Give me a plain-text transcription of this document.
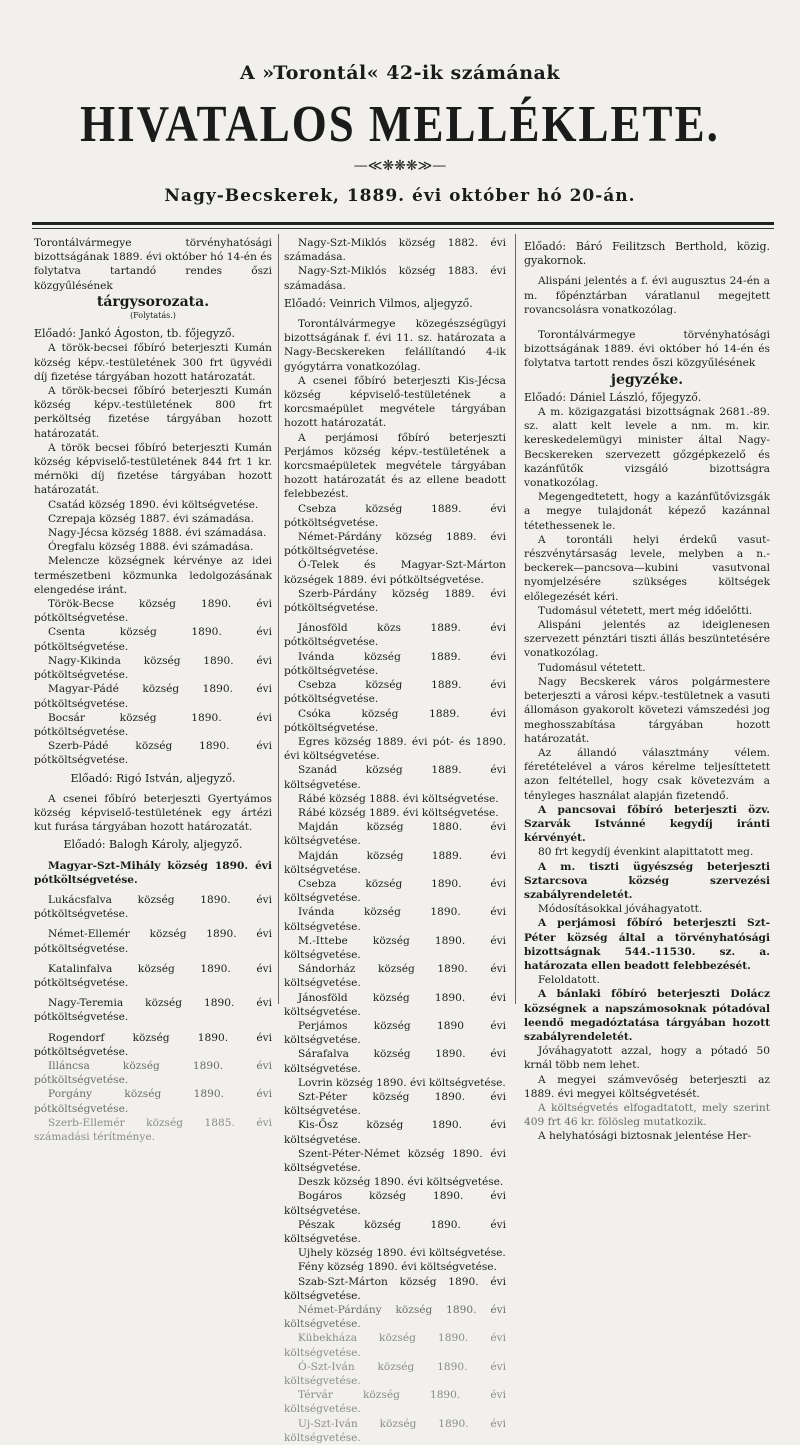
A »Torontál« 42-ik számának
HIVATALOS MELLÉKLETE.
—≪❋❋❋≫—
Nagy-Becskerek, 1889. évi október hó 20-án.

Torontálvármegye törvényhatósági bizottságának 1889. évi október hó 14-én és folytatva tartandó rendes őszi közgyűlésének

tárgysorozata.

(Folytatás.)

Előadó: Jankó Ágoston, tb. főjegyző.

A török-becsei főbíró beterjeszti Kumán község képv.-testületének 300 frt ügyvédi díj fizetése tárgyában hozott határozatát.

A török-becsei főbíró beterjeszti Kumán község képv.-testületének 800 frt perköltség fizetése tárgyában hozott határozatát.

A török becsei főbíró beterjeszti Kumán község képviselő-testületének 844 frt 1 kr. mérnöki díj fizetése tárgyában hozott határozatát.

Csatád község 1890. évi költségvetése.

Czrepaja község 1887. évi számadása.

Nagy-Jécsa község 1888. évi számadása.

Óregfalu község 1888. évi számadása.

Melencze községnek kérvénye az idei természetbeni közmunka ledolgozásának elengedése iránt.

Török-Becse község 1890. évi pótköltségvetése.

Csenta község 1890. évi pótköltségvetése.

Nagy-Kikinda község 1890. évi pótköltségvetése.

Magyar-Pádé község 1890. évi pótköltségvetése.

Bocsár község 1890. évi pótköltségvetése.

Szerb-Pádé község 1890. évi pótköltségvetése.

Előadó: Rigó István, aljegyző.

A csenei főbíró beterjeszti Gyertyámos község képviselő-testületének egy ártézi kut furása tárgyában hozott határozatát.

Előadó: Balogh Károly, aljegyző.

Magyar-Szt-Mihály község 1890. évi pótköltségvetése.

Lukácsfalva község 1890. évi pótköltségvetése.

Német-Ellemér község 1890. évi pótköltségvetése.

Katalinfalva község 1890. évi pótköltségvetése.

Nagy-Teremia község 1890. évi pótköltségvetése.

Rogendorf község 1890. évi pótköltségvetése.

Illáncsa község 1890. évi pótköltségvetése.

Porgány község 1890. évi pótköltségvetése.

Szerb-Ellemér község 1885. évi számadási térítménye.

Nagy-Szt-Miklós község 1882. évi számadása.

Nagy-Szt-Miklós község 1883. évi számadása.

Előadó: Veinrich Vilmos, aljegyző.

Torontálvármegye közegészségügyi bizottságának f. évi 11. sz. határozata a Nagy-Becskereken felállítandó 4-ik gyógytárra vonatkozólag.

A csenei főbíró beterjeszti Kis-Jécsa község képviselő-testületének a korcsmaépület megvétele tárgyában hozott határozatát.

A perjámosi főbíró beterjeszti Perjámos község képv.-testületének a korcsmaépületek megvétele tárgyában hozott határozatát és az ellene beadott felebbezést.

Csebza község 1889. évi pótköltségvetése.

Német-Párdány község 1889. évi pótköltségvetése.

Ó-Telek és Magyar-Szt-Márton községek 1889. évi pótköltségvetése.

Szerb-Párdány község 1889. évi pótköltségvetése.

Jánosföld közs 1889. évi pótköltségvetése.

Ivánda község 1889. évi pótköltségvetése.

Csebza község 1889. évi pótköltségvetése.

Csóka község 1889. évi pótköltségvetése.

Egres község 1889. évi pót- és 1890. évi költségvetése.

Szanád község 1889. évi költségvetése.

Rábé község 1888. évi költségvetése.

Rábé község 1889. évi költségvetése.

Majdán község 1880. évi költségvetése.

Majdán község 1889. évi költségvetése.

Csebza község 1890. évi költségvetése.

Ivánda község 1890. évi költségvetése.

M.-Ittebe község 1890. évi költségvetése.

Sándorház község 1890. évi költségvetése.

Jánosföld község 1890. évi költségvetése.

Perjámos község 1890 évi költségvetése.

Sárafalva község 1890. évi költségvetése.

Lovrin község 1890. évi költségvetése.

Szt-Péter község 1890. évi költségvetése.

Kis-Ősz község 1890. évi költségvetése.

Szent-Péter-Német község 1890. évi költségvetése.

Deszk község 1890. évi költségvetése.

Bogáros község 1890. évi költségvetése.

Pészak község 1890. évi költségvetése.

Ujhely község 1890. évi költségvetése.

Fény község 1890. évi költségvetése.

Szab-Szt-Márton község 1890. évi költségvetése.

Német-Párdány község 1890. évi költségvetése.

Kübekháza község 1890. évi költségvetése.

Ó-Szt-Iván község 1890. évi költségvetése.

Térvár község 1890. évi költségvetése.

Uj-Szt-Iván község 1890. évi költségvetése.

Előadó: Báró Feilitzsch Berthold, közig. gyakornok.

Alispáni jelentés a f. évi augusztus 24-én a m. főpénztárban váratlanul megejtett rovancsolásra vonatkozólag.

Torontálvármegye törvényhatósági bizottságának 1889. évi október hó 14-én és folytatva tartott rendes őszi közgyűlésének

jegyzéke.

Előadó: Dániel László, főjegyző.

A m. közigazgatási bizottságnak 2681.-89. sz. alatt kelt levele a nm. m. kir. kereskedelemügyi minister által Nagy-Becskereken szervezett gőzgépkezelő és kazánfűtők vizsgáló bizottságra vonatkozólag.

Megengedtetett, hogy a kazánfűtővizsgák a megye tulajdonát képező kazánnal tétethessenek le.

A torontáli helyi érdekű vasut-részvénytársaság levele, melyben a n.-beckerek—pancsova—kubini vasutvonal nyomjelzésére szükséges költségek előlegezését kéri.

Tudomásul vétetett, mert még időelőtti.

Alispáni jelentés az ideiglenesen szervezett pénztári tiszti állás beszüntetésére vonatkozólag.

Tudomásul vétetett.

Nagy Becskerek város polgármestere beterjeszti a városi képv.-testületnek a vasuti állomáson gyakorolt követezi vámszedési jog meghosszabítása tárgyában hozott határozatát.

Az állandó választmány vélem. féretételével a város kérelme teljesíttetett azon feltétellel, hogy csak követezvám a tényleges használat alapján fizetendő.

A pancsovai főbíró beterjeszti özv. Szarvák Istvánné kegydíj iránti kérvényét.

80 frt kegydíj évenkint alapittatott meg.

A m. tiszti ügyészség beterjeszti Sztarcsova község szervezési szabályrendeletét.

Módosításokkal jóváhagyatott.

A perjámosi főbíró beterjeszti Szt-Péter község által a törvényhatósági bizottságnak 544.-11530. sz. a. határozata ellen beadott felebbezését.

Feloldatott.

A bánlaki főbíró beterjeszti Dolácz községnek a napszámosoknak pótadóval leendő megadóztatása tárgyában hozott szabályrendeletét.

Jóváhagyatott azzal, hogy a pótadó 50 krnál több nem lehet.

A megyei számvevőség beterjeszti az 1889. évi megyei költségvetését.

A költségvetés elfogadtatott, mely szerint 409 frt 46 kr. fölösleg mutatkozik.

A helyhatósági biztosnak jelentése Her-
